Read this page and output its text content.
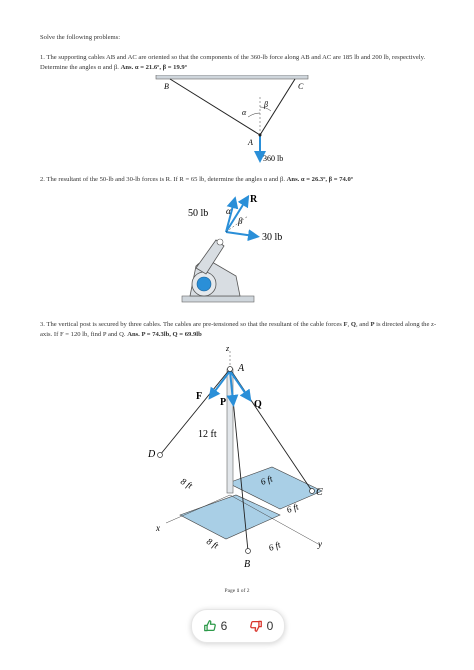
Solve the following problems:
1. The supporting cables AB and AC are oriented so that the components of the 360-lb force along AB and AC are 185 lb and 200 lb, respectively. Determine the angles α and β. Ans. α = 21.6º, β = 19.9º
B	C
α
β
A
360 lb
2. The resultant of the 50-lb and 30-lb forces is R. If R = 65 lb, determine the angles α and β. Ans. α = 26.3º, β = 74.0º
R
50 lb α
β
30 lb
3. The vertical post is secured by three cables. The cables are pre-tensioned so that the resultant of the cable forces F, Q, and P is directed along the z-axis. If F = 120 lb, find P and Q. Ans. P = 74.3lb, Q = 69.9lb
z
A
F
P	Q
12 ft
D
C
B
x
y
8 ft	6 ft
6 ft
8 ft	6 ft
Page 1 of 2
6	0
